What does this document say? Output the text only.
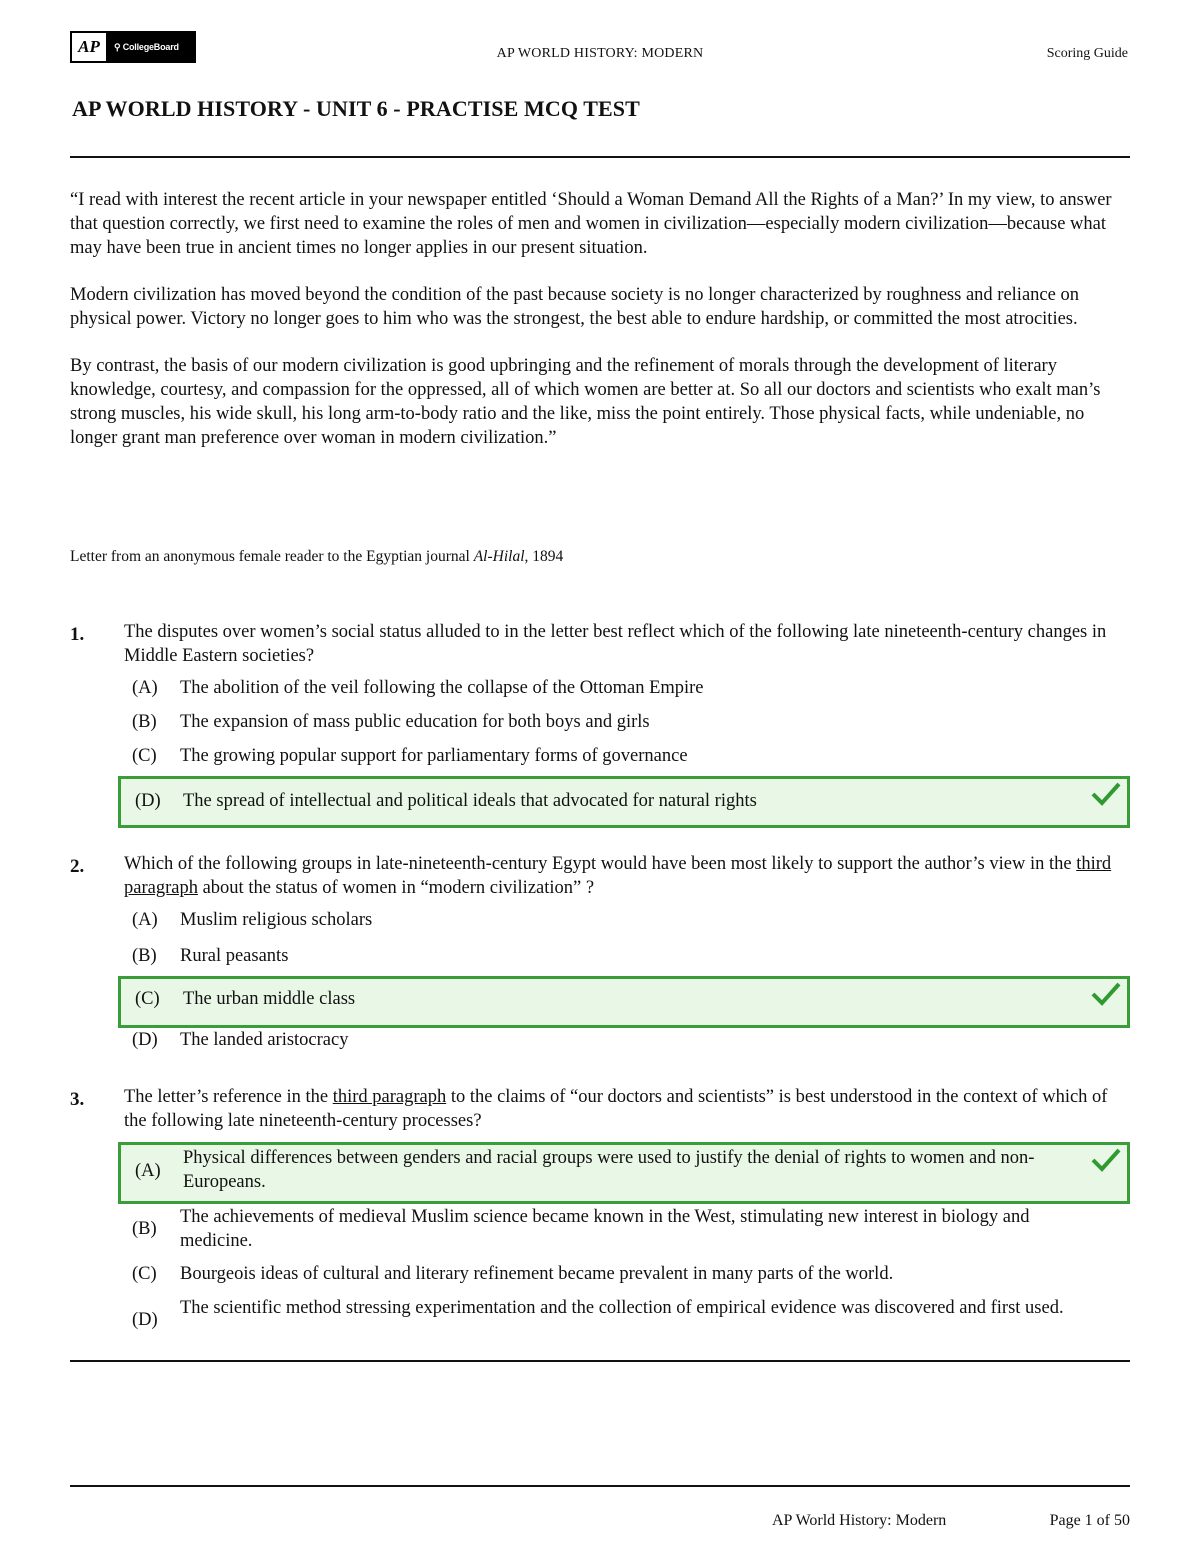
AP	⚲ CollegeBoard	AP WORLD HISTORY: MODERN	Scoring Guide
AP WORLD HISTORY - UNIT 6 - PRACTISE MCQ TEST

“I read with interest the recent article in your newspaper entitled ‘Should a Woman Demand All the Rights of a Man?’ In my view, to answer that question correctly, we first need to examine the roles of men and women in civilization—especially modern civilization—because what may have been true in ancient times no longer applies in our present situation.

Modern civilization has moved beyond the condition of the past because society is no longer characterized by roughness and reliance on physical power. Victory no longer goes to him who was the strongest, the best able to endure hardship, or committed the most atrocities.

By contrast, the basis of our modern civilization is good upbringing and the refinement of morals through the development of literary knowledge, courtesy, and compassion for the oppressed, all of which women are better at. So all our doctors and scientists who exalt man’s strong muscles, his wide skull, his long arm-to-body ratio and the like, miss the point entirely. Those physical facts, while undeniable, no longer grant man preference over woman in modern civilization.”

Letter from an anonymous female reader to the Egyptian journal Al-Hilal, 1894
1. The disputes over women’s social status alluded to in the letter best reflect which of the following late nineteenth-century changes in Middle Eastern societies?
(A) The abolition of the veil following the collapse of the Ottoman Empire
(B) The expansion of mass public education for both boys and girls
(C) The growing popular support for parliamentary forms of governance
(D) The spread of intellectual and political ideals that advocated for natural rights
2. Which of the following groups in late-nineteenth-century Egypt would have been most likely to support the author’s view in the third paragraph about the status of women in “modern civilization” ?
(A) Muslim religious scholars
(B) Rural peasants
(C) The urban middle class
(D) The landed aristocracy
3. The letter’s reference in the third paragraph to the claims of “our doctors and scientists” is best understood in the context of which of the following late nineteenth-century processes?
(A)
Physical differences between genders and racial groups were used to justify the denial of rights to women and non-Europeans.
(B)
The achievements of medieval Muslim science became known in the West, stimulating new interest in biology and medicine.
(C) Bourgeois ideas of cultural and literary refinement became prevalent in many parts of the world.
(D)
The scientific method stressing experimentation and the collection of empirical evidence was discovered and first used.
AP World History: Modern	Page 1 of 50
